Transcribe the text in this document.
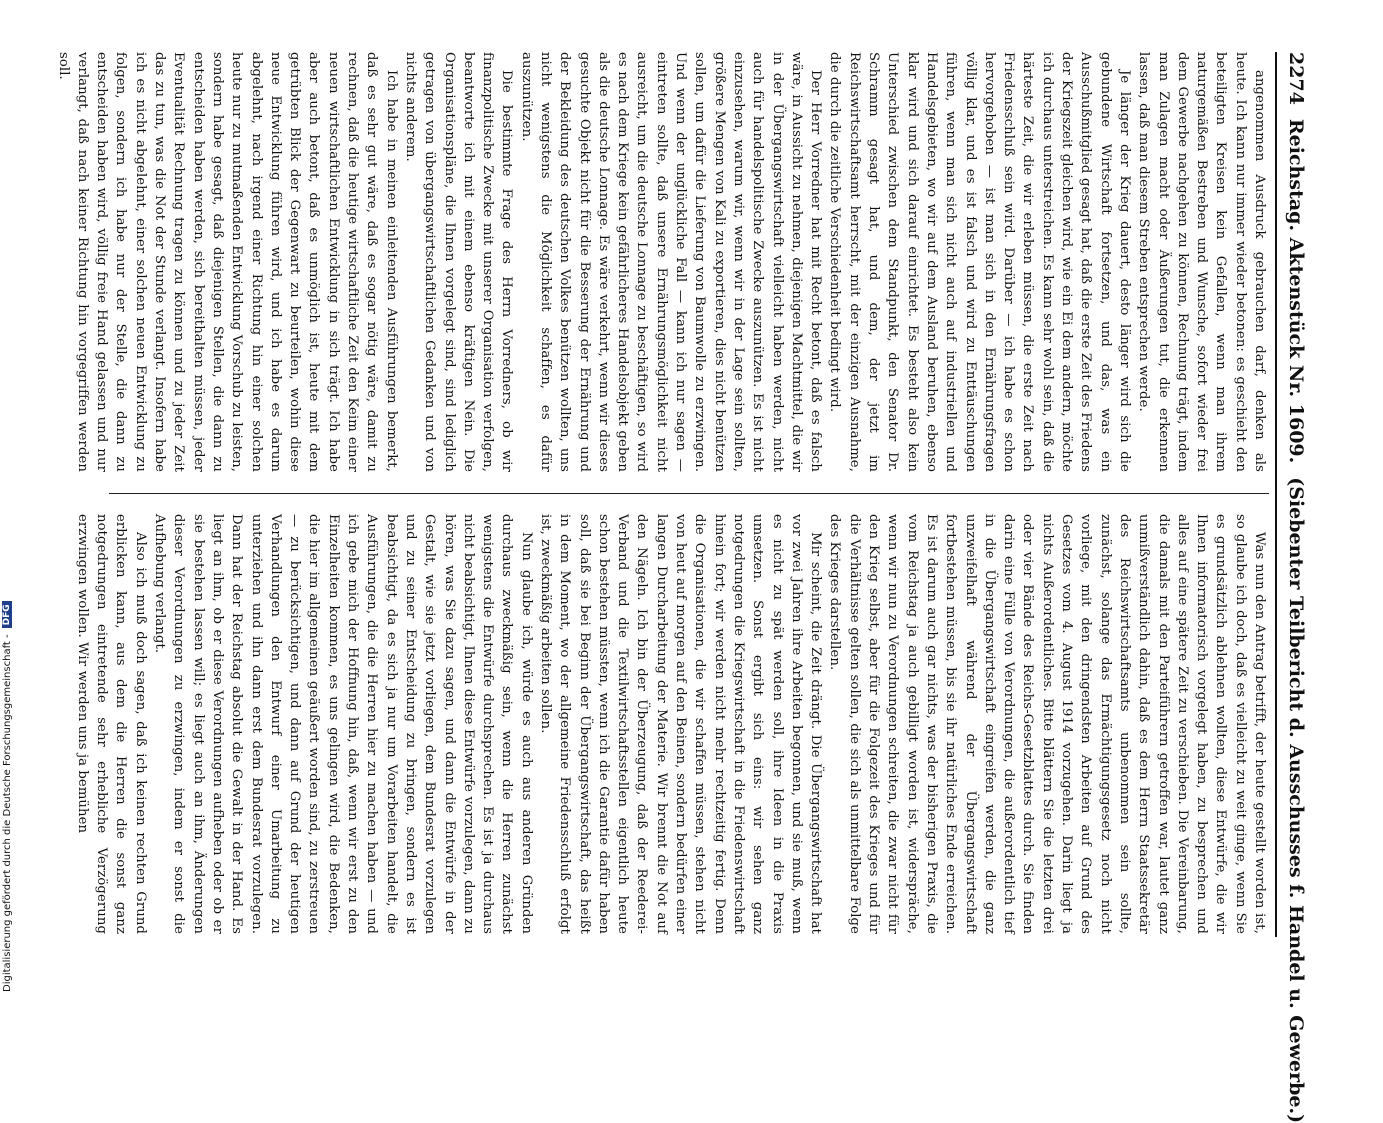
Digitalisierung gefördert durch die Deutsche Forschungsgemeinschaft -
DFG
2274
Reichstag. Aktenstück Nr. 1609.
(Siebenter Teilbericht d. Ausschusses f. Handel u. Gewerbe.)

angenommen Ausdruck gebrauchen darf, denken als heute. Ich kann nur immer wieder betonen: es geschieht den beteiligten Kreisen kein Gefallen, wenn man ihrem naturgemäßen Bestreben und Wunsche, sofort wieder frei dem Gewerbe nachgehen zu können, Rechnung trägt, indem man Zulagen macht oder Äußerungen tut, die erkennen lassen, daß man diesem Streben entsprechen werde.

Je länger der Krieg dauert, desto länger wird sich die gebundene Wirtschaft fortsetzen, und das, was ein Ausschußmitglied gesagt hat, daß die erste Zeit des Friedens der Kriegszeit gleichen wird, wie ein Ei dem andern, möchte ich durchaus unterstreichen. Es kann sehr wohl sein, daß die härteste Zeit, die wir erleben müssen, die erste Zeit nach Friedensschluß sein wird. Darüber — ich habe es schon hervorgehoben — ist man sich in den Ernährungsfragen völlig klar, und es ist falsch und wird zu Enttäuschungen führen, wenn man sich nicht auch auf industriellen und Handelsgebieten, wo wir auf dem Ausland beruhen, ebenso klar wird und sich darauf einrichtet. Es besteht also kein Unterschied zwischen dem Standpunkt, den Senator Dr. Schramm gesagt hat, und dem, der jetzt im Reichswirtschaftsamt herrscht, mit der einzigen Ausnahme, die durch die zeitliche Verschiedenheit bedingt wird.

Der Herr Vorredner hat mit Recht betont, daß es falsch wäre, in Aussicht zu nehmen, diejenigen Machtmittel, die wir in der Übergangswirtschaft vielleicht haben werden, nicht auch für handelspolitische Zwecke auszunützen. Es ist nicht einzusehen, warum wir, wenn wir in der Lage sein sollten, größere Mengen von Kali zu exportieren, dies nicht benützen sollen, um dafür die Lieferung von Baumwolle zu erzwingen. Und wenn der unglückliche Fall — kann ich nur sagen — eintreten sollte, daß unsere Ernährungsmöglichkeit nicht ausreicht, um die deutsche Lonnage zu beschäftigen, so wird es nach dem Kriege kein gefährlicheres Handelsobjekt geben als die deutsche Lonnage. Es wäre verkehrt, wenn wir dieses gesuchte Objekt nicht für die Besserung der Ernährung und der Bekleidung des deutschen Volkes benützen wollten, uns nicht wenigstens die Möglichkeit schaffen, es dafür auszunützen.

Die bestimmte Frage des Herrn Vorredners, ob wir finanzpolitische Zwecke mit unserer Organisation verfolgen, beantworte ich mit einem ebenso kräftigen Nein. Die Organisationspläne, die Ihnen vorgelegt sind, sind lediglich getragen von übergangswirtschaftlichen Gedanken und von nichts anderem.

Ich habe in meinen einleitenden Ausführungen bemerkt, daß es sehr gut wäre, daß es sogar nötig wäre, damit zu rechnen, daß die heutige wirtschaftliche Zeit den Keim einer neuen wirtschaftlichen Entwicklung in sich trägt. Ich habe aber auch betont, daß es unmöglich ist, heute mit dem getrübten Blick der Gegenwart zu beurteilen, wohin diese neue Entwicklung führen wird, und ich habe es darum abgelehnt, nach irgend einer Richtung hin einer solchen heute nur zu mutmaßenden Entwicklung Vorschub zu leisten, sondern habe gesagt, daß diejenigen Stellen, die dann zu entscheiden haben werden, sich bereithalten müssen, jeder Eventualität Rechnung tragen zu können und zu jeder Zeit das zu tun, was die Not der Stunde verlangt. Insofern habe ich es nicht abgelehnt, einer solchen neuen Entwicklung zu folgen, sondern ich habe nur der Stelle, die dann zu entscheiden haben wird, völlig freie Hand gelassen und nur verlangt, daß nach keiner Richtung hin vorgegriffen werden soll.

Was nun den Antrag betrifft, der heute gestellt worden ist, so glaube ich doch, daß es vielleicht zu weit ginge, wenn Sie es grundsätzlich ablehnen wollten, diese Entwürfe, die wir Ihnen informatorisch vorgelegt haben, zu besprechen und alles auf eine spätere Zeit zu verschieben. Die Vereinbarung, die damals mit den Parteiführern getroffen war, lautet ganz unmißverständlich dahin, daß es dem Herrn Staatssekretär des Reichswirtschaftsamts unbenommen sein sollte, zunächst, solange das Ermächtigungsgesetz noch nicht vorliege, mit den dringendsten Arbeiten auf Grund des Gesetzes vom 4. August 1914 vorzugehen. Darin liegt ja nichts Außerordentliches. Bitte blättern Sie die letzten drei oder vier Bände des Reichs-Gesetzblattes durch. Sie finden darin eine Fülle von Verordnungen, die außerordentlich tief in die Übergangswirtschaft eingreifen werden, die ganz unzweifelhaft während der Übergangswirtschaft fortbestehen müssen, bis sie ihr natürliches Ende erreichen. Es ist darum auch gar nichts, was der bisherigen Praxis, die vom Reichstag ja auch gebilligt worden ist, widerspräche, wenn wir nun zu Verordnungen schreiten, die zwar nicht für den Krieg selbst, aber für die Folgezeit des Krieges und für die Verhältnisse gelten sollen, die sich als unmittelbare Folge des Krieges darstellen.

Mir scheint, die Zeit drängt. Die Übergangswirtschaft hat vor zwei Jahren ihre Arbeiten begonnen, und sie muß, wenn es nicht zu spät werden soll, ihre Ideen in die Praxis umsetzen. Sonst ergibt sich eins: wir sehen ganz notgedrungen die Kriegswirtschaft in die Friedenswirtschaft hinein fort; wir werden nicht mehr rechtzeitig fertig. Denn die Organisationen, die wir schaffen müssen, stehen nicht von heut auf morgen auf den Beinen, sondern bedürfen einer langen Durcharbeitung der Materie. Wir brennt die Not auf den Nägeln. Ich bin der Überzeugung, daß der Reederei-Verband und die Textilwirtschaftsstellen eigentlich heute schon bestehen müssten, wenn ich die Garantie dafür haben soll, daß sie bei Beginn der Übergangswirtschaft, das heißt in dem Moment, wo der allgemeine Friedensschluß erfolgt ist, zweckmäßig arbeiten sollen.

Nun glaube ich, würde es auch aus anderen Gründen durchaus zweckmäßig sein, wenn die Herren zunächst wenigstens die Entwürfe durchsprechen. Es ist ja durchaus nicht beabsichtigt, Ihnen diese Entwürfe vorzulegen, dann zu hören, was Sie dazu sagen, und dann die Entwürfe in der Gestalt, wie sie jetzt vorliegen, dem Bundesrat vorzulegen und zu seiner Entscheidung zu bringen, sondern es ist beabsichtigt, da es sich ja nur um Vorarbeiten handelt, die Ausführungen, die die Herren hier zu machen haben — und ich gebe mich der Hoffnung hin, daß, wenn wir erst zu den Einzelheiten kommen, es uns gelingen wird, die Bedenken, die hier im allgemeinen geäußert worden sind, zu zerstreuen — zu berücksichtigen, und dann auf Grund der heutigen Verhandlungen den Entwurf einer Umarbeitung zu unterziehen und ihn dann erst dem Bundesrat vorzulegen. Dann hat der Reichstag absolut die Gewalt in der Hand. Es liegt an ihm, ob er diese Verordnungen aufheben oder ob er sie bestehen lassen will; es liegt auch an ihm, Änderungen dieser Verordnungen zu erzwingen, indem er sonst die Aufhebung verlangt.

Also ich muß doch sagen, daß ich keinen rechten Grund erblicken kann, aus dem die Herren die sonst ganz notgedrungen eintretende sehr erhebliche Verzögerung erzwingen wollen. Wir werden uns ja bemühen
